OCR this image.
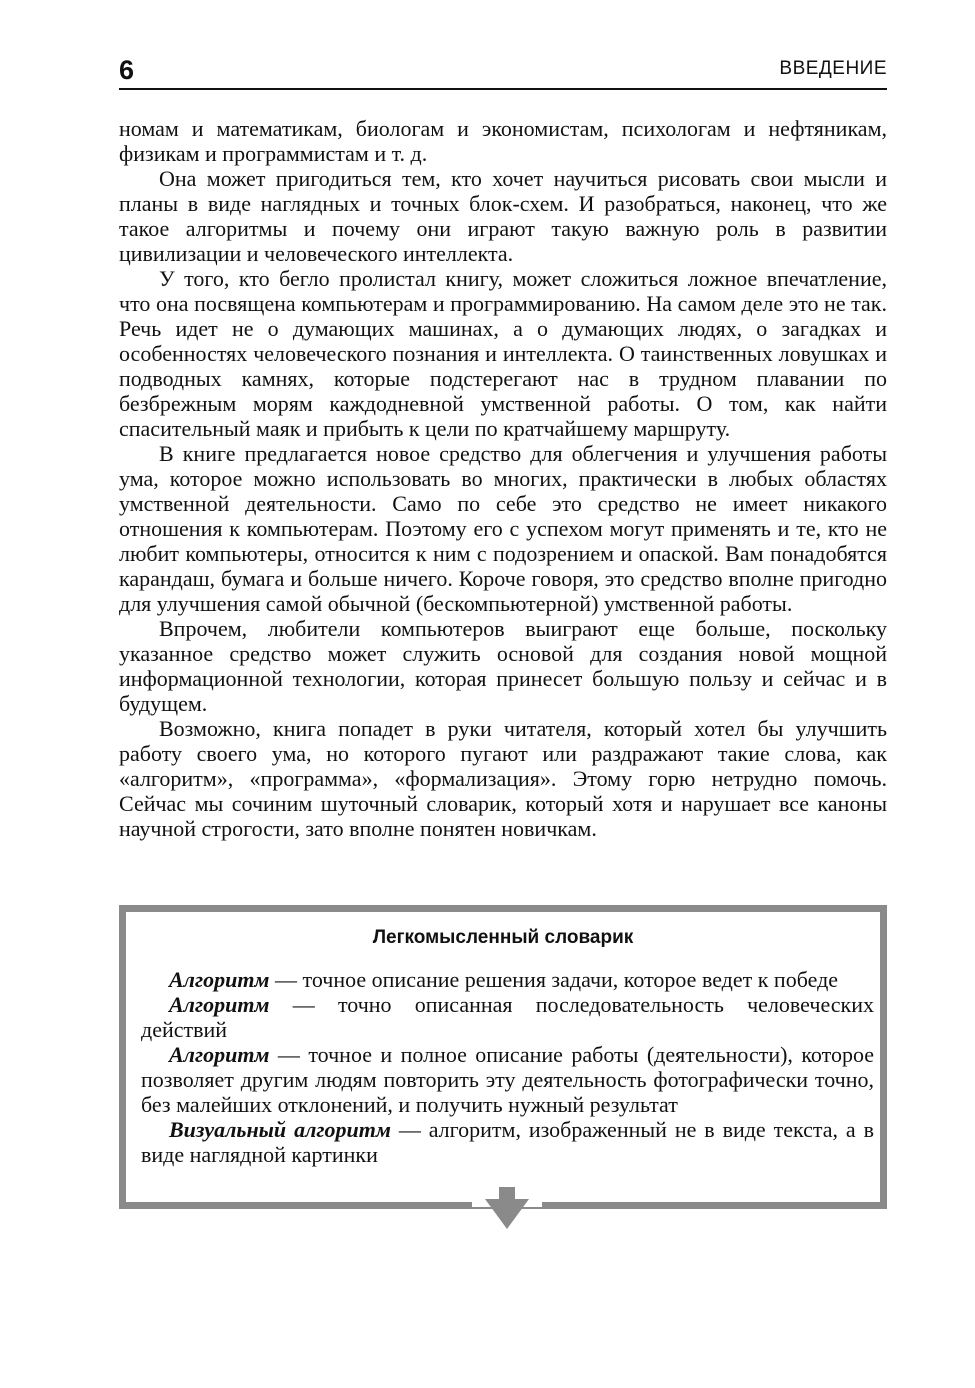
6	ВВЕДЕНИЕ

номам и математикам, биологам и экономистам, психологам и нефтяникам, физикам и программистам и т. д.

Она может пригодиться тем, кто хочет научиться рисовать свои мысли и планы в виде наглядных и точных блок-схем. И разобраться, наконец, что же такое алгоритмы и почему они играют такую важную роль в развитии цивилизации и человеческого интеллекта.

У того, кто бегло пролистал книгу, может сложиться ложное впечатление, что она посвящена компьютерам и программированию. На самом деле это не так. Речь идет не о думающих машинах, а о думающих людях, о загадках и особенностях человеческого познания и интеллекта. О таинственных ловушках и подводных камнях, которые подстерегают нас в трудном плавании по безбрежным морям каждодневной умственной работы. О том, как найти спасительный маяк и прибыть к цели по кратчайшему маршруту.

В книге предлагается новое средство для облегчения и улучшения работы ума, которое можно использовать во многих, практически в любых областях умственной деятельности. Само по себе это средство не имеет никакого отношения к компьютерам. Поэтому его с успехом могут применять и те, кто не любит компьютеры, относится к ним с подозрением и опаской. Вам понадобятся карандаш, бумага и больше ничего. Короче говоря, это средство вполне пригодно для улучшения самой обычной (бескомпьютерной) умственной работы.

Впрочем, любители компьютеров выиграют еще больше, поскольку указанное средство может служить основой для создания новой мощной информационной технологии, которая принесет большую пользу и сейчас и в будущем.

Возможно, книга попадет в руки читателя, который хотел бы улучшить работу своего ума, но которого пугают или раздражают такие слова, как «алгоритм», «программа», «формализация». Этому горю нетрудно помочь. Сейчас мы сочиним шуточный словарик, который хотя и нарушает все каноны научной строгости, зато вполне понятен новичкам.

Легкомысленный словарик

Алгоритм — точное описание решения задачи, которое ведет к победе

Алгоритм — точно описанная последовательность человеческих действий

Алгоритм — точное и полное описание работы (деятельности), которое позволяет другим людям повторить эту деятельность фотографически точно, без малейших отклонений, и получить нужный результат

Визуальный алгоритм — алгоритм, изображенный не в виде текста, а в виде наглядной картинки
